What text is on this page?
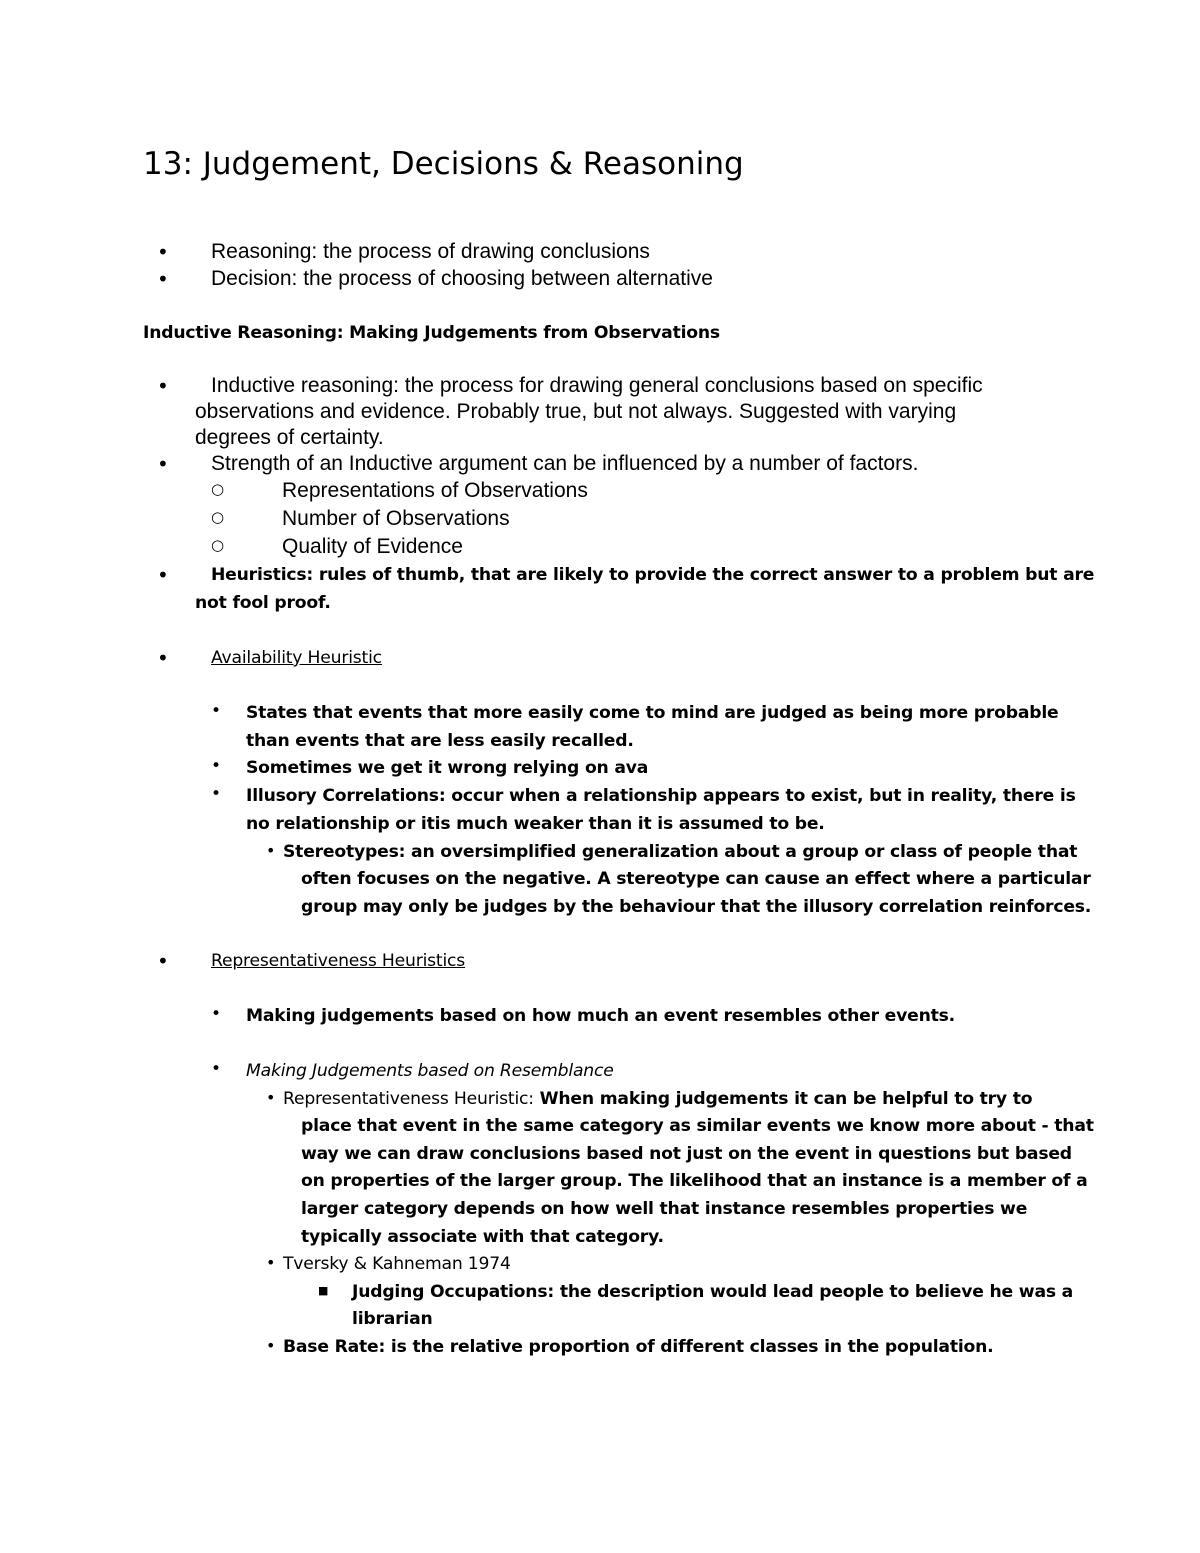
13: Judgement, Decisions & Reasoning
• Reasoning: the process of drawing conclusions
• Decision: the process of choosing between alternative
Inductive Reasoning: Making Judgements from Observations
• Inductive reasoning: the process for drawing general conclusions based on specific
observations and evidence. Probably true, but not always. Suggested with varying
degrees of certainty.
• Strength of an Inductive argument can be influenced by a number of factors.
○	Representations of Observations
○	Number of Observations
○	Quality of Evidence
• Heuristics: rules of thumb, that are likely to provide the correct answer to a problem but are
not fool proof.
• Availability Heuristic
• States that events that more easily come to mind are judged as being more probable
than events that are less easily recalled.
• Sometimes we get it wrong relying on ava
• Illusory Correlations: occur when a relationship appears to exist, but in reality, there is
no relationship or itis much weaker than it is assumed to be.
• Stereotypes: an oversimplified generalization about a group or class of people that
often focuses on the negative. A stereotype can cause an effect where a particular
group may only be judges by the behaviour that the illusory correlation reinforces.
• Representativeness Heuristics
• Making judgements based on how much an event resembles other events.
• Making Judgements based on Resemblance
• Representativeness Heuristic: When making judgements it can be helpful to try to
place that event in the same category as similar events we know more about - that
way we can draw conclusions based not just on the event in questions but based
on properties of the larger group. The likelihood that an instance is a member of a
larger category depends on how well that instance resembles properties we
typically associate with that category.
• Tversky & Kahneman 1974
■ Judging Occupations: the description would lead people to believe he was a
librarian
• Base Rate: is the relative proportion of different classes in the population.
